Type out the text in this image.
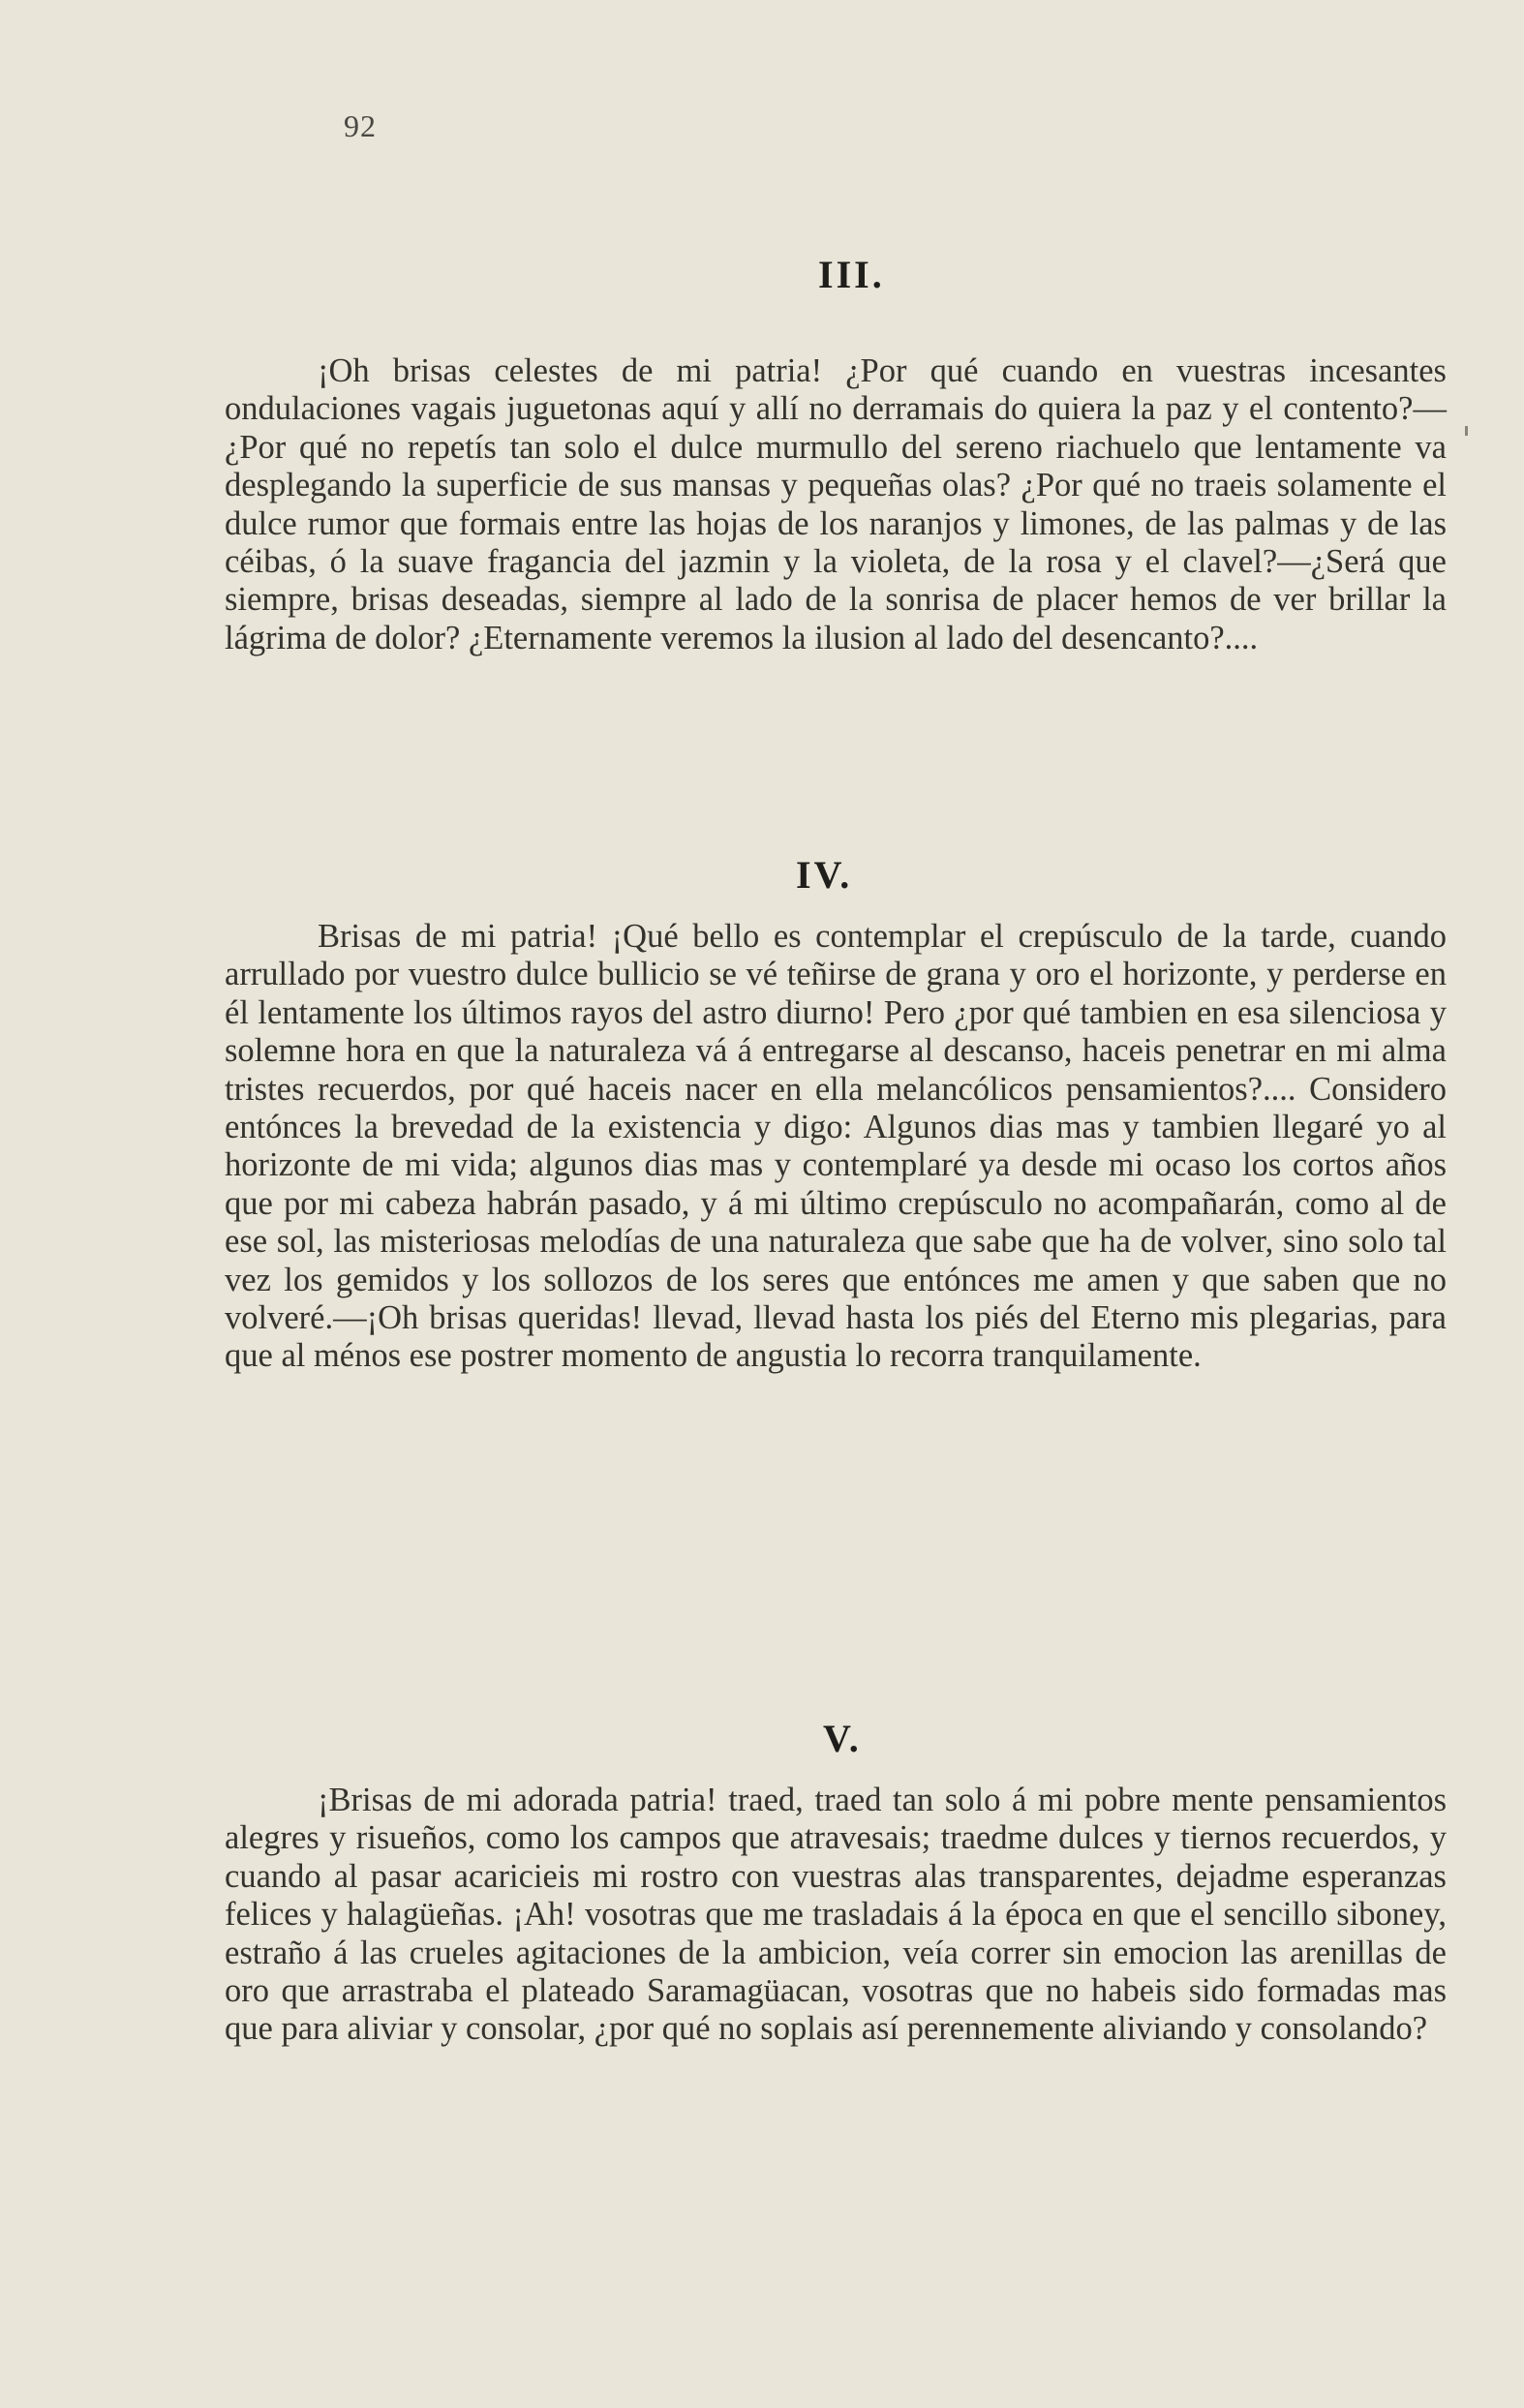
92
III.
¡Oh brisas celestes de mi patria! ¿Por qué cuando en vuestras incesantes ondulaciones vagais juguetonas aquí y allí no derramais do quiera la paz y el contento?—¿Por qué no repetís tan solo el dulce murmullo del sereno riachuelo que lentamente va desplegando la superficie de sus mansas y pequeñas olas? ¿Por qué no traeis solamente el dulce rumor que formais entre las hojas de los naranjos y limones, de las palmas y de las céibas, ó la suave fragancia del jazmin y la violeta, de la rosa y el clavel?—¿Será que siempre, brisas deseadas, siempre al lado de la sonrisa de placer hemos de ver brillar la lágrima de dolor? ¿Eternamente veremos la ilusion al lado del desencanto?....
IV.
Brisas de mi patria! ¡Qué bello es contemplar el crepúsculo de la tarde, cuando arrullado por vuestro dulce bullicio se vé teñirse de grana y oro el horizonte, y perderse en él lentamente los últimos rayos del astro diurno! Pero ¿por qué tambien en esa silenciosa y solemne hora en que la naturaleza vá á entregarse al descanso, haceis penetrar en mi alma tristes recuerdos, por qué haceis nacer en ella melancólicos pensamientos?.... Considero entónces la brevedad de la existencia y digo: Algunos dias mas y tambien llegaré yo al horizonte de mi vida; algunos dias mas y contemplaré ya desde mi ocaso los cortos años que por mi cabeza habrán pasado, y á mi último crepúsculo no acompañarán, como al de ese sol, las misteriosas melodías de una naturaleza que sabe que ha de volver, sino solo tal vez los gemidos y los sollozos de los seres que entónces me amen y que saben que no volveré.—¡Oh brisas queridas! llevad, llevad hasta los piés del Eterno mis plegarias, para que al ménos ese postrer momento de angustia lo recorra tranquilamente.
V.
¡Brisas de mi adorada patria! traed, traed tan solo á mi pobre mente pensamientos alegres y risueños, como los campos que atravesais; traedme dulces y tiernos recuerdos, y cuando al pasar acaricieis mi rostro con vuestras alas transparentes, dejadme esperanzas felices y halagüeñas. ¡Ah! vosotras que me trasladais á la época en que el sencillo siboney, estraño á las crueles agitaciones de la ambicion, veía correr sin emocion las arenillas de oro que arrastraba el plateado Saramagüacan, vosotras que no habeis sido formadas mas que para aliviar y consolar, ¿por qué no soplais así perennemente aliviando y consolando?
